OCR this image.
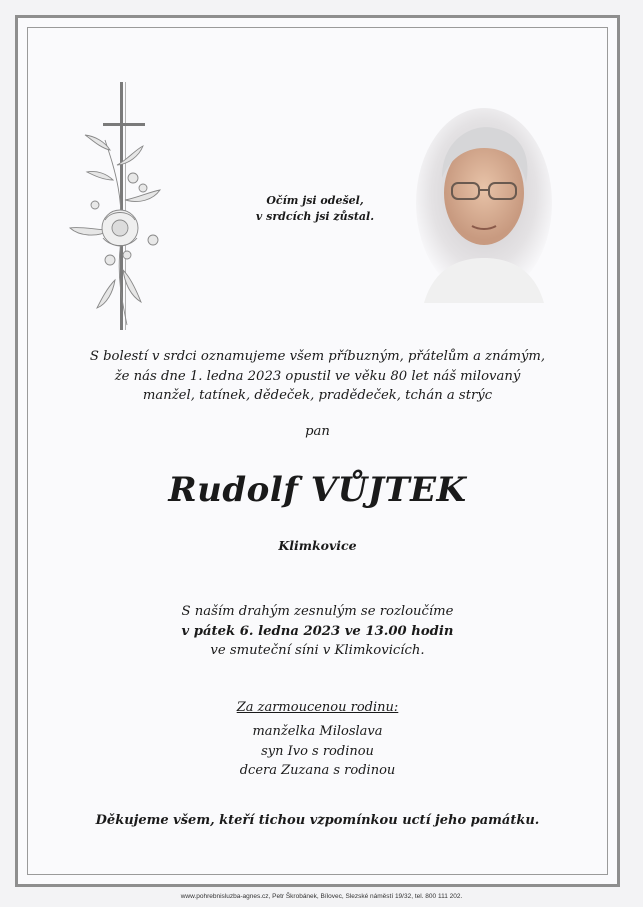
Očím jsi odešel,
v srdcích jsi zůstal.
S bolestí v srdci oznamujeme všem příbuzným, přátelům a známým,
že nás dne 1. ledna 2023 opustil ve věku 80 let náš milovaný
manžel, tatínek, dědeček, pradědeček, tchán a strýc
pan
Rudolf VŮJTEK
Klimkovice
S naším drahým zesnulým se rozloučíme
v pátek 6. ledna 2023 ve 13.00 hodin
ve smuteční síni v Klimkovicích.
Za zarmoucenou rodinu:
manželka Miloslava
syn Ivo s rodinou
dcera Zuzana s rodinou
Děkujeme všem, kteří tichou vzpomínkou uctí jeho památku.
www.pohrebnisluzba-agnes.cz, Petr Škrobánek, Bílovec, Slezské náměstí 19/32, tel. 800 111 202.
